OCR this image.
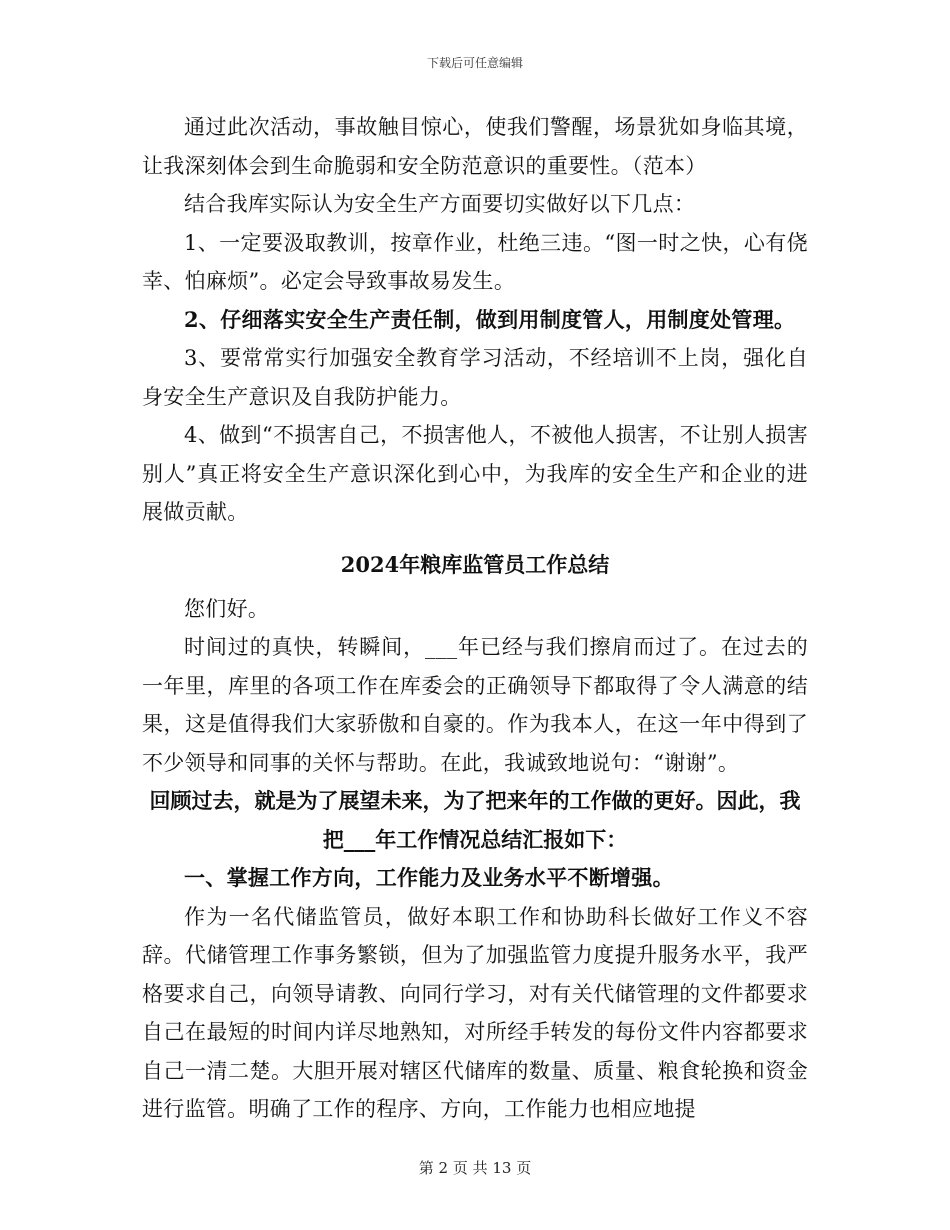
下载后可任意编辑

通过此次活动，事故触目惊心，使我们警醒，场景犹如身临其境，让我深刻体会到生命脆弱和安全防范意识的重要性。（范本）

结合我库实际认为安全生产方面要切实做好以下几点：

1、一定要汲取教训，按章作业，杜绝三违。“图一时之快，心有侥幸、怕麻烦”。必定会导致事故易发生。

2、仔细落实安全生产责任制，做到用制度管人，用制度处管理。

3、要常常实行加强安全教育学习活动，不经培训不上岗，强化自身安全生产意识及自我防护能力。

4、做到“不损害自己，不损害他人，不被他人损害，不让别人损害别人”真正将安全生产意识深化到心中，为我库的安全生产和企业的进展做贡献。

2024年粮库监管员工作总结

您们好。

时间过的真快，转瞬间，___年已经与我们擦肩而过了。在过去的一年里，库里的各项工作在库委会的正确领导下都取得了令人满意的结果，这是值得我们大家骄傲和自豪的。作为我本人，在这一年中得到了不少领导和同事的关怀与帮助。在此，我诚致地说句：“谢谢”。

回顾过去，就是为了展望未来，为了把来年的工作做的更好。因此，我把___年工作情况总结汇报如下：

一、掌握工作方向，工作能力及业务水平不断增强。

作为一名代储监管员，做好本职工作和协助科长做好工作义不容辞。代储管理工作事务繁锁，但为了加强监管力度提升服务水平，我严格要求自己，向领导请教、向同行学习，对有关代储管理的文件都要求自己在最短的时间内详尽地熟知，对所经手转发的每份文件内容都要求自己一清二楚。大胆开展对辖区代储库的数量、质量、粮食轮换和资金进行监管。明确了工作的程序、方向，工作能力也相应地提

第 2 页 共 13 页
